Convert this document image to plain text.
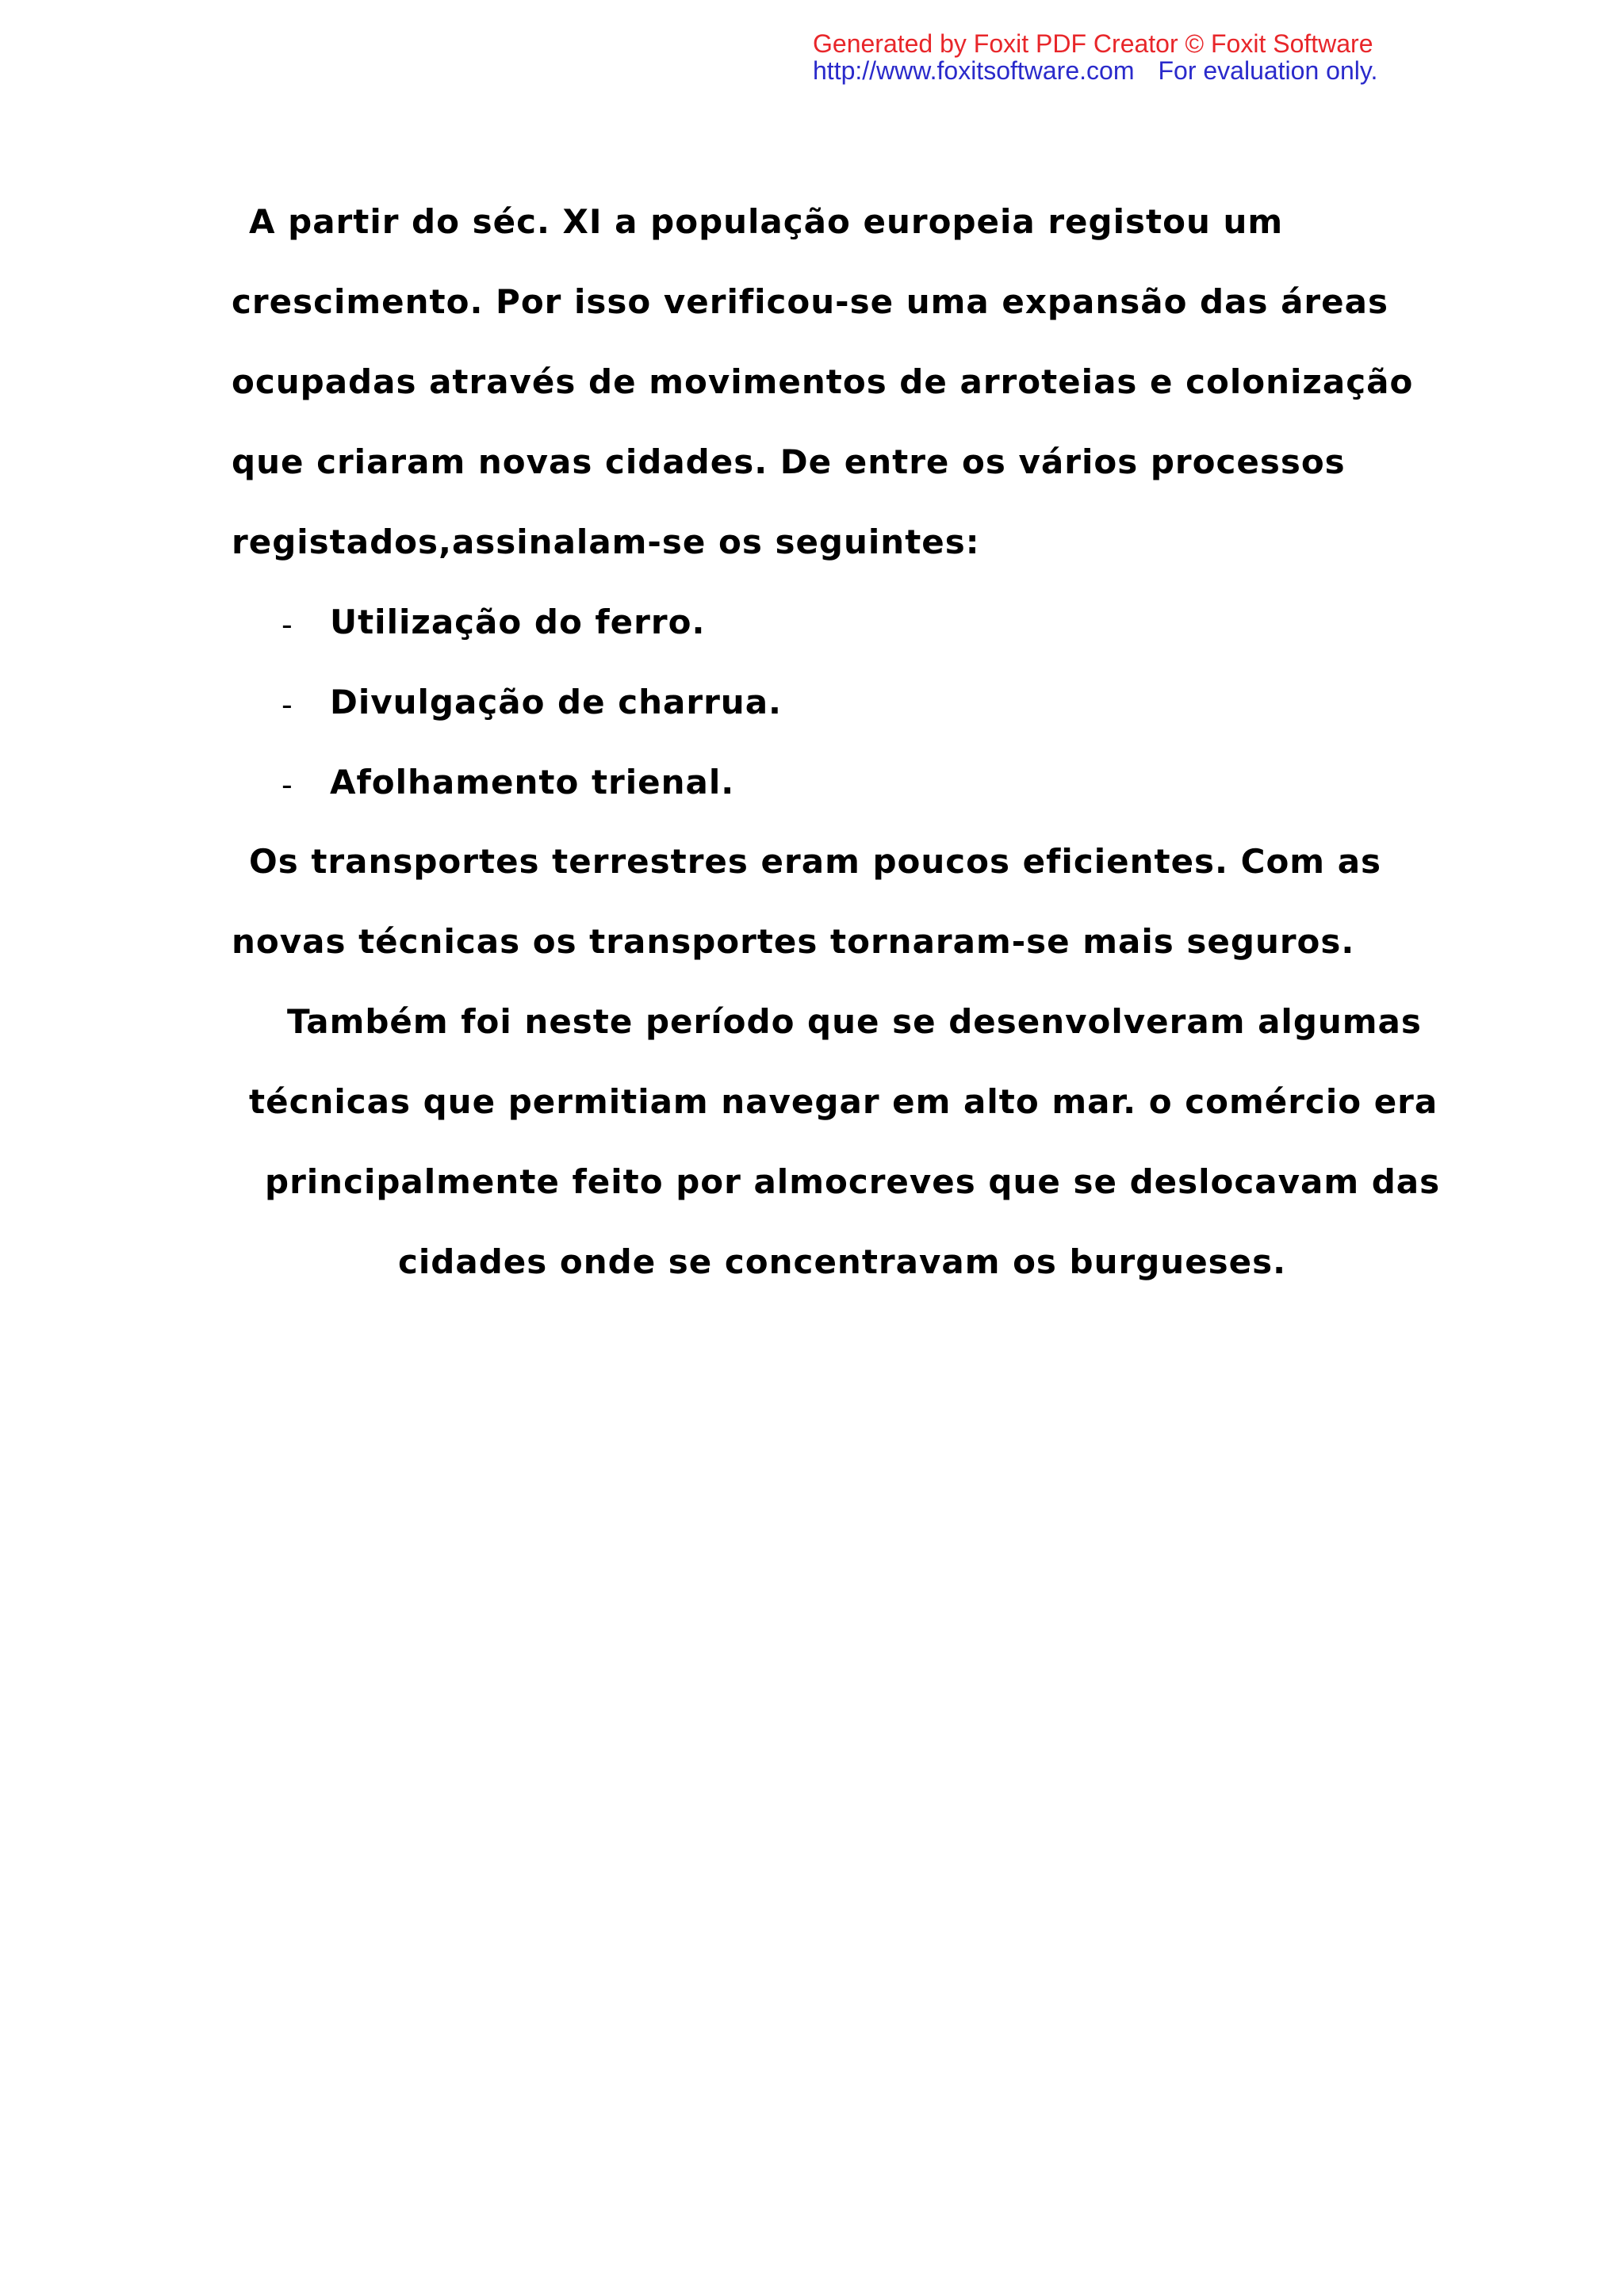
Generated by Foxit PDF Creator © Foxit Software
http://www.foxitsoftware.com For evaluation only.
A partir do séc. XI a população europeia registou um
crescimento. Por isso verificou-se uma expansão das áreas
ocupadas através de movimentos de arroteias e colonização
que criaram novas cidades. De entre os vários processos
registados,assinalam-se os seguintes:
- Utilização do ferro.
- Divulgação de charrua.
- Afolhamento trienal.
Os transportes terrestres eram poucos eficientes. Com as
novas técnicas os transportes tornaram-se mais seguros.
Também foi neste período que se desenvolveram algumas
técnicas que permitiam navegar em alto mar. o comércio era
principalmente feito por almocreves que se deslocavam das
cidades onde se concentravam os burgueses.
